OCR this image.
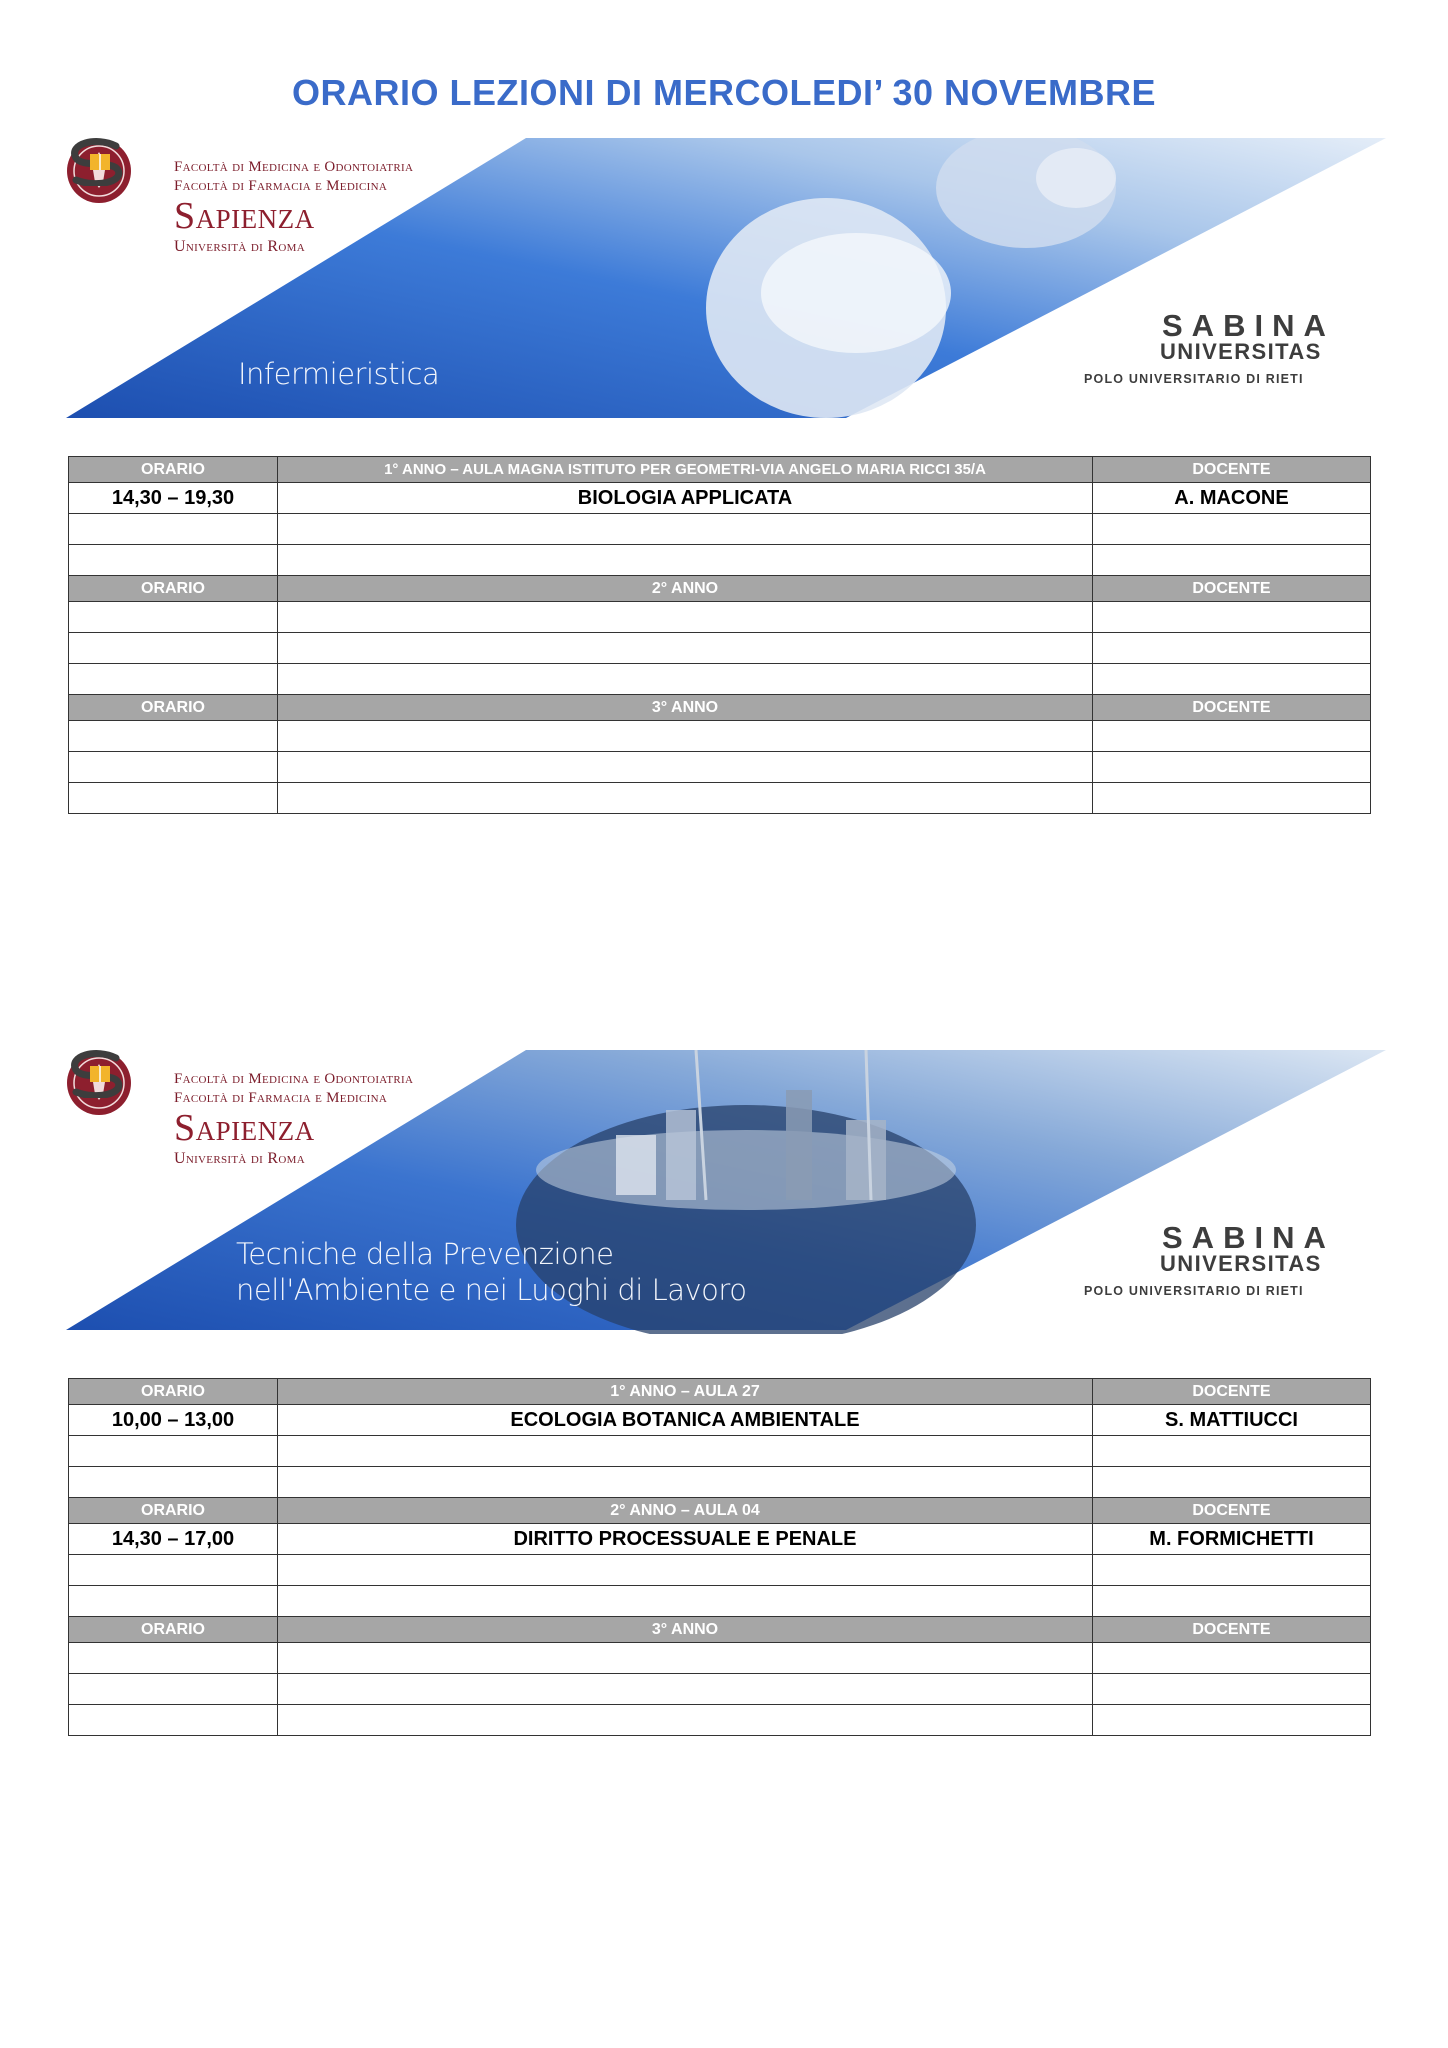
ORARIO LEZIONI DI MERCOLEDI’ 30 NOVEMBRE
Facoltà di Medicina e Odontoiatria
Facoltà di Farmacia e Medicina
Sapienza
Università di Roma
Infermieristica
SABINA
UNIVERSITAS
POLO UNIVERSITARIO DI RIETI
ORARIO	1° ANNO – AULA MAGNA ISTITUTO PER GEOMETRI-VIA ANGELO MARIA RICCI 35/A	DOCENTE
14,30 – 19,30	BIOLOGIA APPLICATA	A. MACONE

ORARIO	2° ANNO	DOCENTE

ORARIO	3° ANNO	DOCENTE

Facoltà di Medicina e Odontoiatria
Facoltà di Farmacia e Medicina
Sapienza
Università di Roma
Tecniche della Prevenzione
nell'Ambiente e nei Luoghi di Lavoro
SABINA
UNIVERSITAS
POLO UNIVERSITARIO DI RIETI
ORARIO	1° ANNO – AULA 27	DOCENTE
10,00 – 13,00	ECOLOGIA BOTANICA AMBIENTALE	S. MATTIUCCI

ORARIO	2° ANNO – AULA 04	DOCENTE
14,30 – 17,00	DIRITTO PROCESSUALE E PENALE	M. FORMICHETTI

ORARIO	3° ANNO	DOCENTE
